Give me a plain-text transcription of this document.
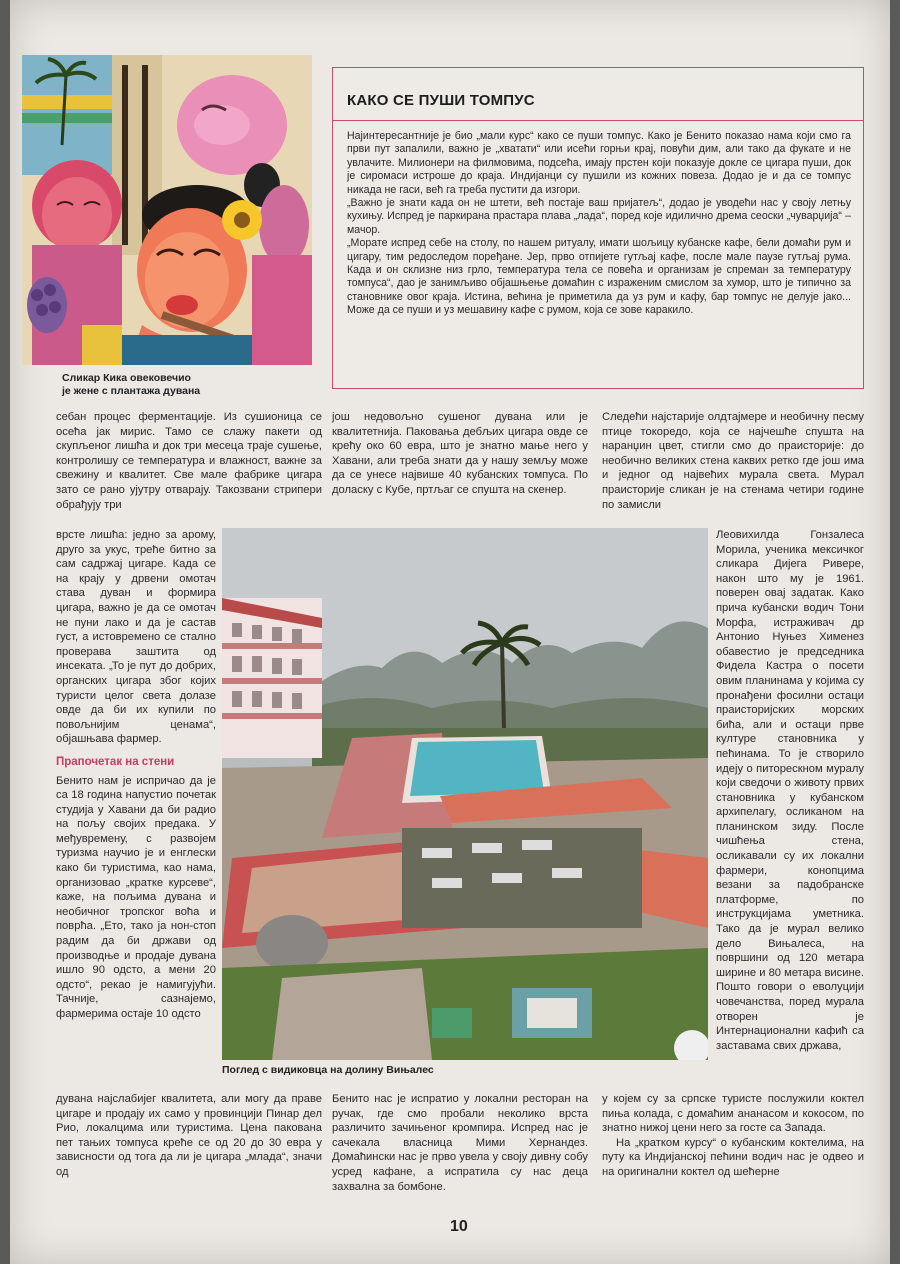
Сликар Кика овековечио
је жене с плантажа дувана
КАКО СЕ ПУШИ ТОМПУС

Најинтересантније је био „мали курс“ како се пуши томпус. Како је Бенито показао нама који смо га први пут запалили, важно је „хватати“ или исећи горњи крај, повући дим, али тако да фукате и не увлачите. Милионери на филмовима, подсећа, имају прстен који показује докле се цигара пуши, док је сиромаси истроше до краја. Индијанци су пушили из кожних повеза. Додао је и да се томпус никада не гаси, већ га треба пустити да изгори.

„Важно је знати када он не штети, већ постаје ваш пријатељ“, додао је уводећи нас у своју летњу кухињу. Испред је паркирана прастара плава „лада“, поред које идилично дрема сеоски „чуварџија“ – мачор.

„Морате испред себе на столу, по нашем ритуалу, имати шољицу кубанске кафе, бели домаћи рум и цигару, тим редоследом поређане. Јер, прво отпијете гутљај кафе, после мале паузе гутљај рума. Када и он склизне низ грло, температура тела се повећа и организам је спреман за температуру томпуса“, дао је занимљиво објашњење домаћин с израженим смислом за хумор, што је типично за становнике овог краја. Истина, већина је приметила да уз рум и кафу, бар томпус не делује јако... Може да се пуши и уз мешавину кафе с румом, која се зове каракило.

себан процес ферментације. Из сушионица се осећа јак мирис. Тамо се слажу пакети од скупљеног лишћа и док три месеца траје сушење, контролишу се температура и влажност, важне за свежину и квалитет. Све мале фабрике цигара зато се рано ујутру отварају. Такозвани стрипери обрађују три

врсте лишћа: једно за арому, друго за укус, треће битно за сам садржај цигаре. Када се на крају у дрвени омотач става дуван и формира цигара, важно је да се омотач не пуни лако и да је састав густ, а истовремено се стално проверава заштита од инсеката. „То је пут до добрих, органских цигара због којих туристи целог света долазе овде да би их купили по повољнијим ценама“, објашњава фармер.

Прапочетак на стени

Бенито нам је испричао да је са 18 година напустио почетак студија у Хавани да би радио на пољу својих предака. У међувремену, с развојем туризма научио је и енглески како би туристима, као нама, организовао „кратке курсеве“, каже, на пољима дувана и необичног тропског воћа и поврћа. „Ето, тако ја нон-стоп радим да би држави од производње и продаје дувана ишло 90 одсто, а мени 20 одсто“, рекао је намигујући. Тачније, сазнајемо, фармерима остаје 10 одсто

дувана најслабијег квалитета, али могу да праве цигаре и продају их само у провинцији Пинар дел Рио, локалцима или туристима. Цена пакована пет тањих томпуса креће се од 20 до 30 евра у зависности од тога да ли је цигара „млада“, значи од

још недовољно сушеног дувана или је квалитетнија. Паковања дебљих цигара овде се крећу око 60 евра, што је знатно мање него у Хавани, али треба знати да у нашу земљу може да се унесе највише 40 кубанских томпуса. По доласку с Кубе, пртљаг се спушта на скенер.

Бенито нас је испратио у локални ресторан на ручак, где смо пробали неколико врста различито зачињеног кромпира. Испред нас је сачекала власница Мими Хернандез. Домаћински нас је прво увела у своју дивну собу усред кафане, а испратила су нас деца захвална за бомбоне.

Следећи најстарије олдтајмере и необичну песму птице токоредо, која се најчешће спушта на наранџин цвет, стигли смо до праисторије: до необично великих стена каквих ретко где још има и једног од највећих мурала света. Мурал праисторије сликан је на стенама четири године по замисли

Леовихилда Гонзалеса Морила, ученика мексичког сликара Дијега Ривере, након што му је 1961. поверен овај задатак. Како прича кубански водич Тони Морфа, истраживач др Антонио Нуњез Хименез обавестио је председника Фидела Кастра о посети овим планинама у којима су пронађени фосилни остаци праисторијских морских бића, али и остаци прве културе становника у пећинама. То је створило идеју о питорескном муралу који сведочи о животу првих становника у кубанском архипелагу, осликаном на планинском зиду. После чишћења стена, осликавали су их локални фармери, конопцима везани за падобранске платформе, по инструкцијама уметника. Тако да је мурал велико дело Вињалеса, на површини од 120 метара ширине и 80 метара висине. Пошто говори о еволуцији човечанства, поред мурала отворен је Интернационални кафић са заставама свих држава,

у којем су за српске туристе послужили коктел пиња колада, с домаћим ананасом и кокосом, по знатно нижој цени него за госте са Запада.

На „кратком курсу“ о кубанским коктелима, на путу ка Индијанској пећини водич нас је одвео и на оригинални коктел од шећерне

Поглед с видиковца на долину Вињалес
10
